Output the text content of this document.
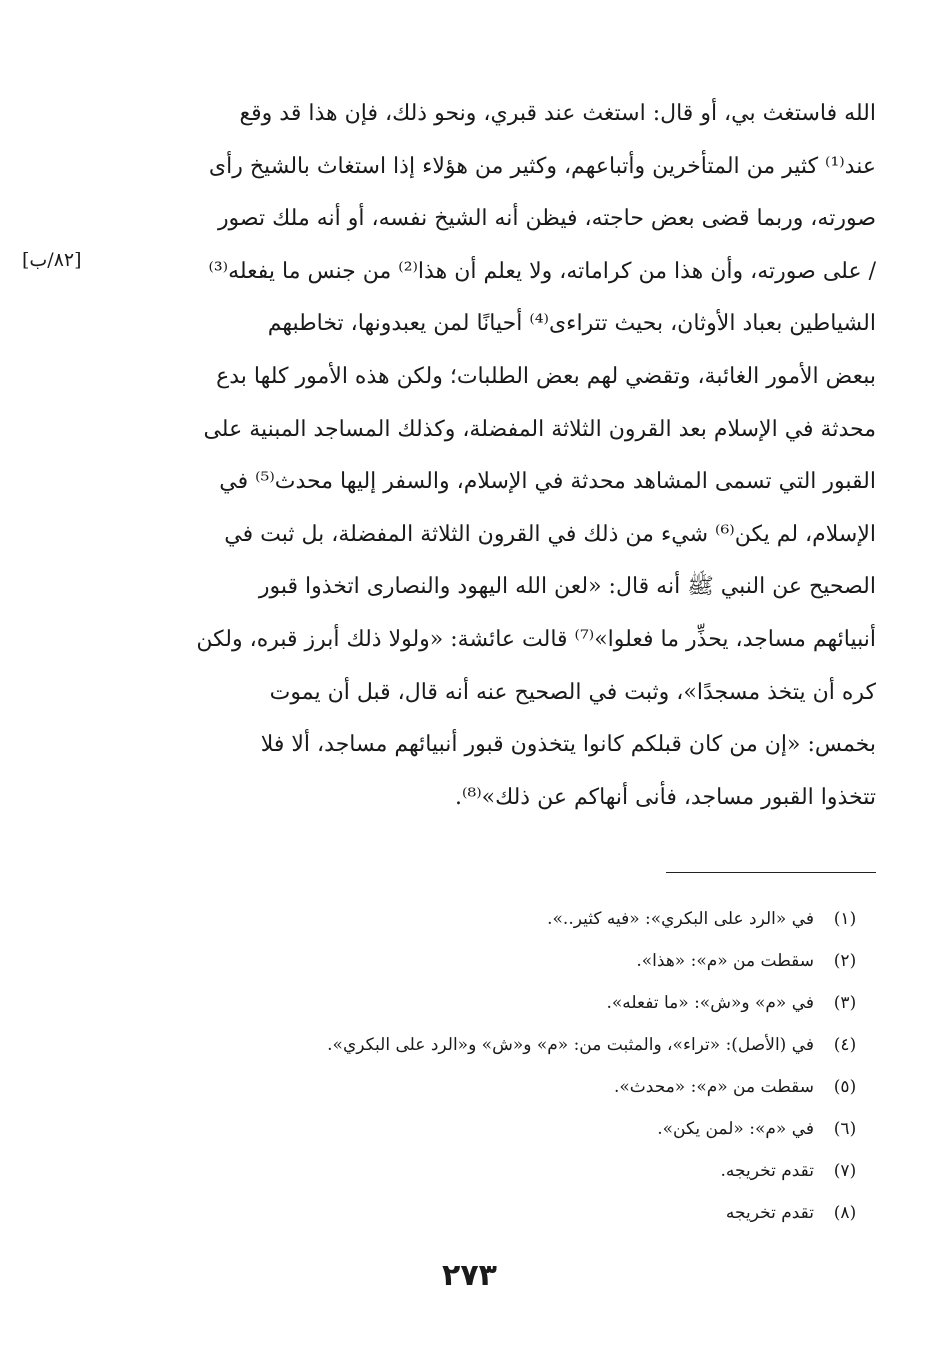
الله فاستغث بي، أو قال: استغث عند قبري، ونحو ذلك، فإن هذا قد وقع
عند⁽¹⁾ كثير من المتأخرين وأتباعهم، وكثير من هؤلاء إذا استغاث بالشيخ رأى
صورته، وربما قضى بعض حاجته، فيظن أنه الشيخ نفسه، أو أنه ملك تصور
/ على صورته، وأن هذا من كراماته، ولا يعلم أن هذا⁽²⁾ من جنس ما يفعله⁽³⁾
الشياطين بعباد الأوثان، بحيث تتراءى⁽⁴⁾ أحيانًا لمن يعبدونها، تخاطبهم
ببعض الأمور الغائبة، وتقضي لهم بعض الطلبات؛ ولكن هذه الأمور كلها بدع
محدثة في الإسلام بعد القرون الثلاثة المفضلة، وكذلك المساجد المبنية على
القبور التي تسمى المشاهد محدثة في الإسلام، والسفر إليها محدث⁽⁵⁾ في
الإسلام، لم يكن⁽⁶⁾ شيء من ذلك في القرون الثلاثة المفضلة، بل ثبت في
الصحيح عن النبي ﷺ أنه قال: «لعن الله اليهود والنصارى اتخذوا قبور
أنبيائهم مساجد، يحذِّر ما فعلوا»⁽⁷⁾ قالت عائشة: «ولولا ذلك أبرز قبره، ولكن
كره أن يتخذ مسجدًا»، وثبت في الصحيح عنه أنه قال، قبل أن يموت
بخمس: «إن من كان قبلكم كانوا يتخذون قبور أنبيائهم مساجد، ألا فلا
تتخذوا القبور مساجد، فأنى أنهاكم عن ذلك»⁽⁸⁾.
[٨٢/ب]
(١)
في «الرد على البكري»: «فيه كثير..».
(٢)
سقطت من «م»: «هذا».
(٣)
في «م» و«ش»: «ما تفعله».
(٤)
في (الأصل): «تراء»، والمثبت من: «م» و«ش» و«الرد على البكري».
(٥)
سقطت من «م»: «محدث».
(٦)
في «م»: «لمن يكن».
(٧)
تقدم تخريجه.
(٨)
تقدم تخريجه
٢٧٣
